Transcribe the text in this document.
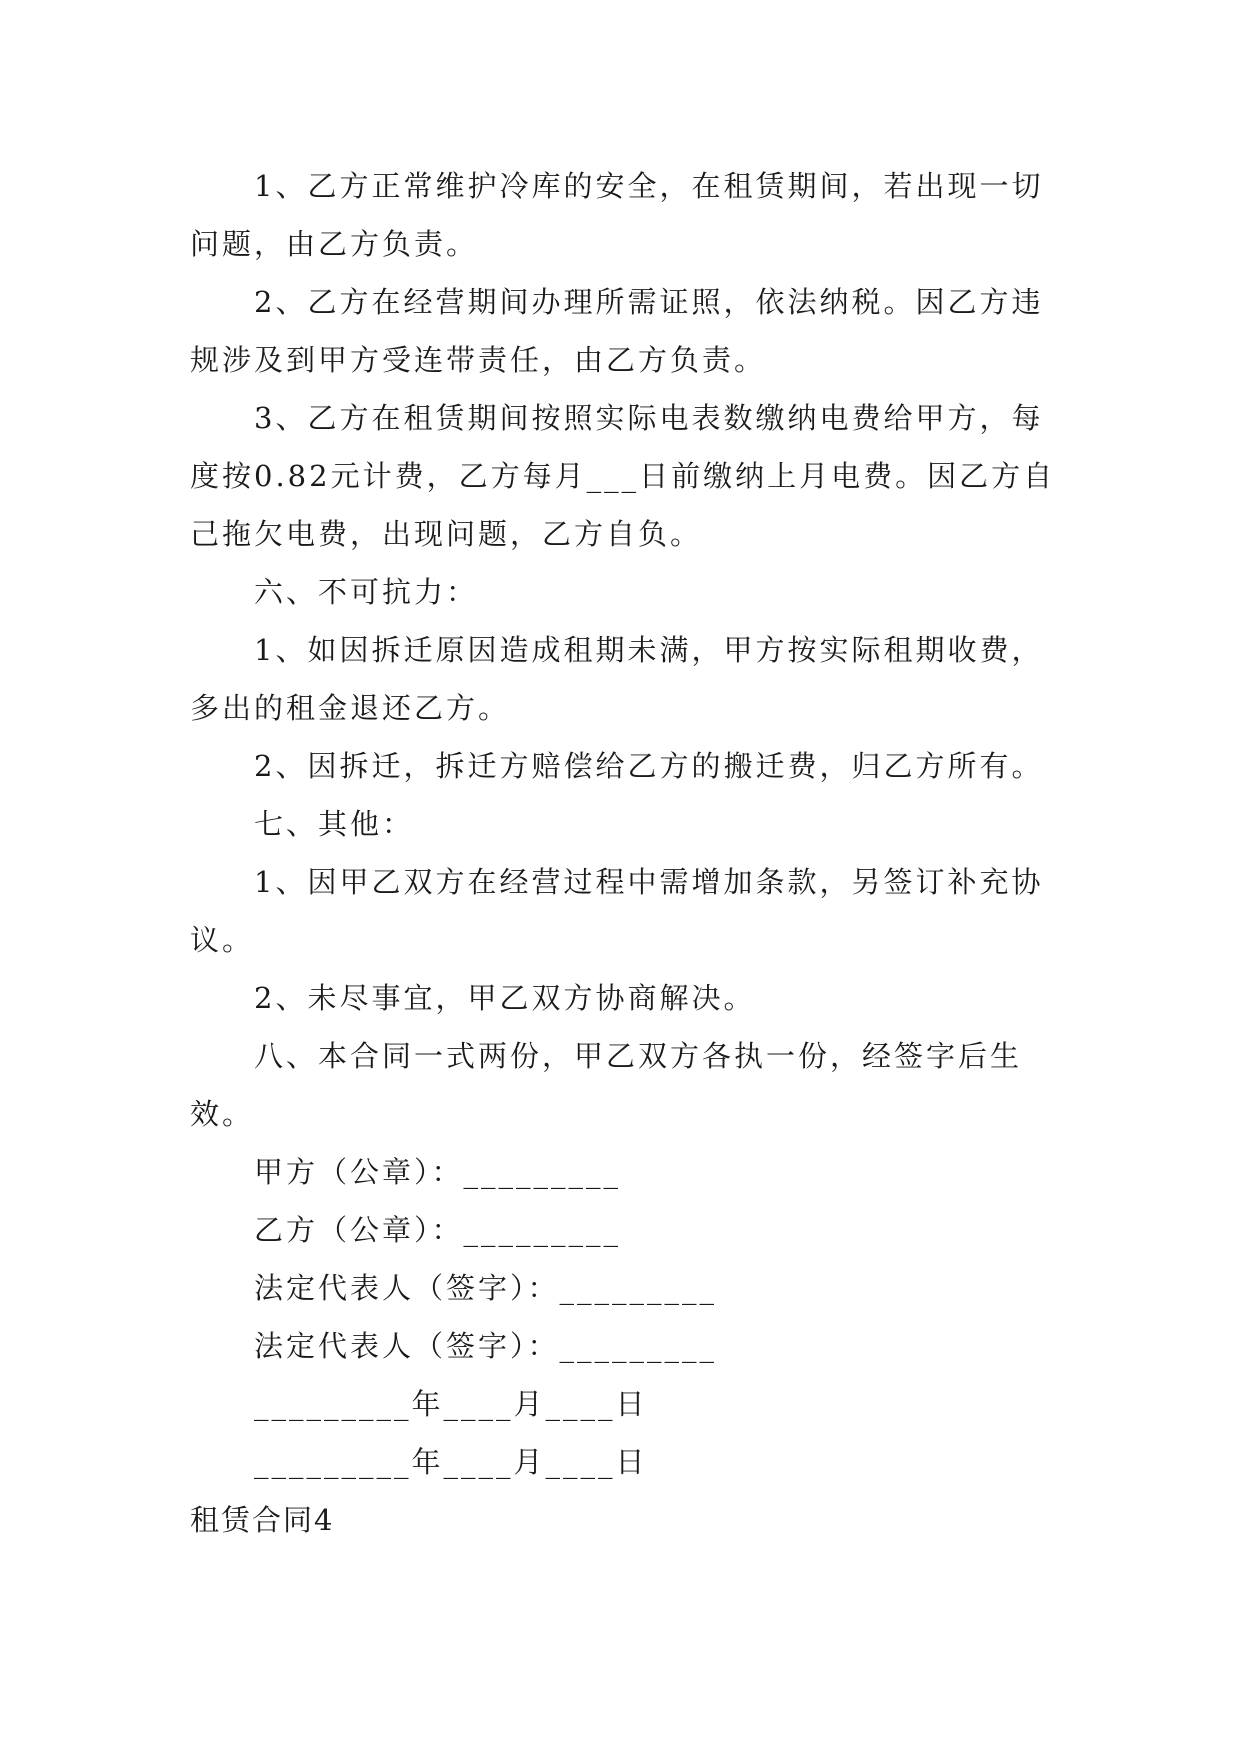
1、乙方正常维护冷库的安全，在租赁期间，若出现一切问题，由乙方负责。

2、乙方在经营期间办理所需证照，依法纳税。因乙方违规涉及到甲方受连带责任，由乙方负责。

3、乙方在租赁期间按照实际电表数缴纳电费给甲方，每度按0.82元计费，乙方每月___日前缴纳上月电费。因乙方自己拖欠电费，出现问题，乙方自负。

六、不可抗力：

1、如因拆迁原因造成租期未满，甲方按实际租期收费，多出的租金退还乙方。

2、因拆迁，拆迁方赔偿给乙方的搬迁费，归乙方所有。

七、其他：

1、因甲乙双方在经营过程中需增加条款，另签订补充协议。

2、未尽事宜，甲乙双方协商解决。

八、本合同一式两份，甲乙双方各执一份，经签字后生效。

甲方（公章）：_________

乙方（公章）：_________

法定代表人（签字）：_________

法定代表人（签字）：_________

_________年____月____日

_________年____月____日

租赁合同4
